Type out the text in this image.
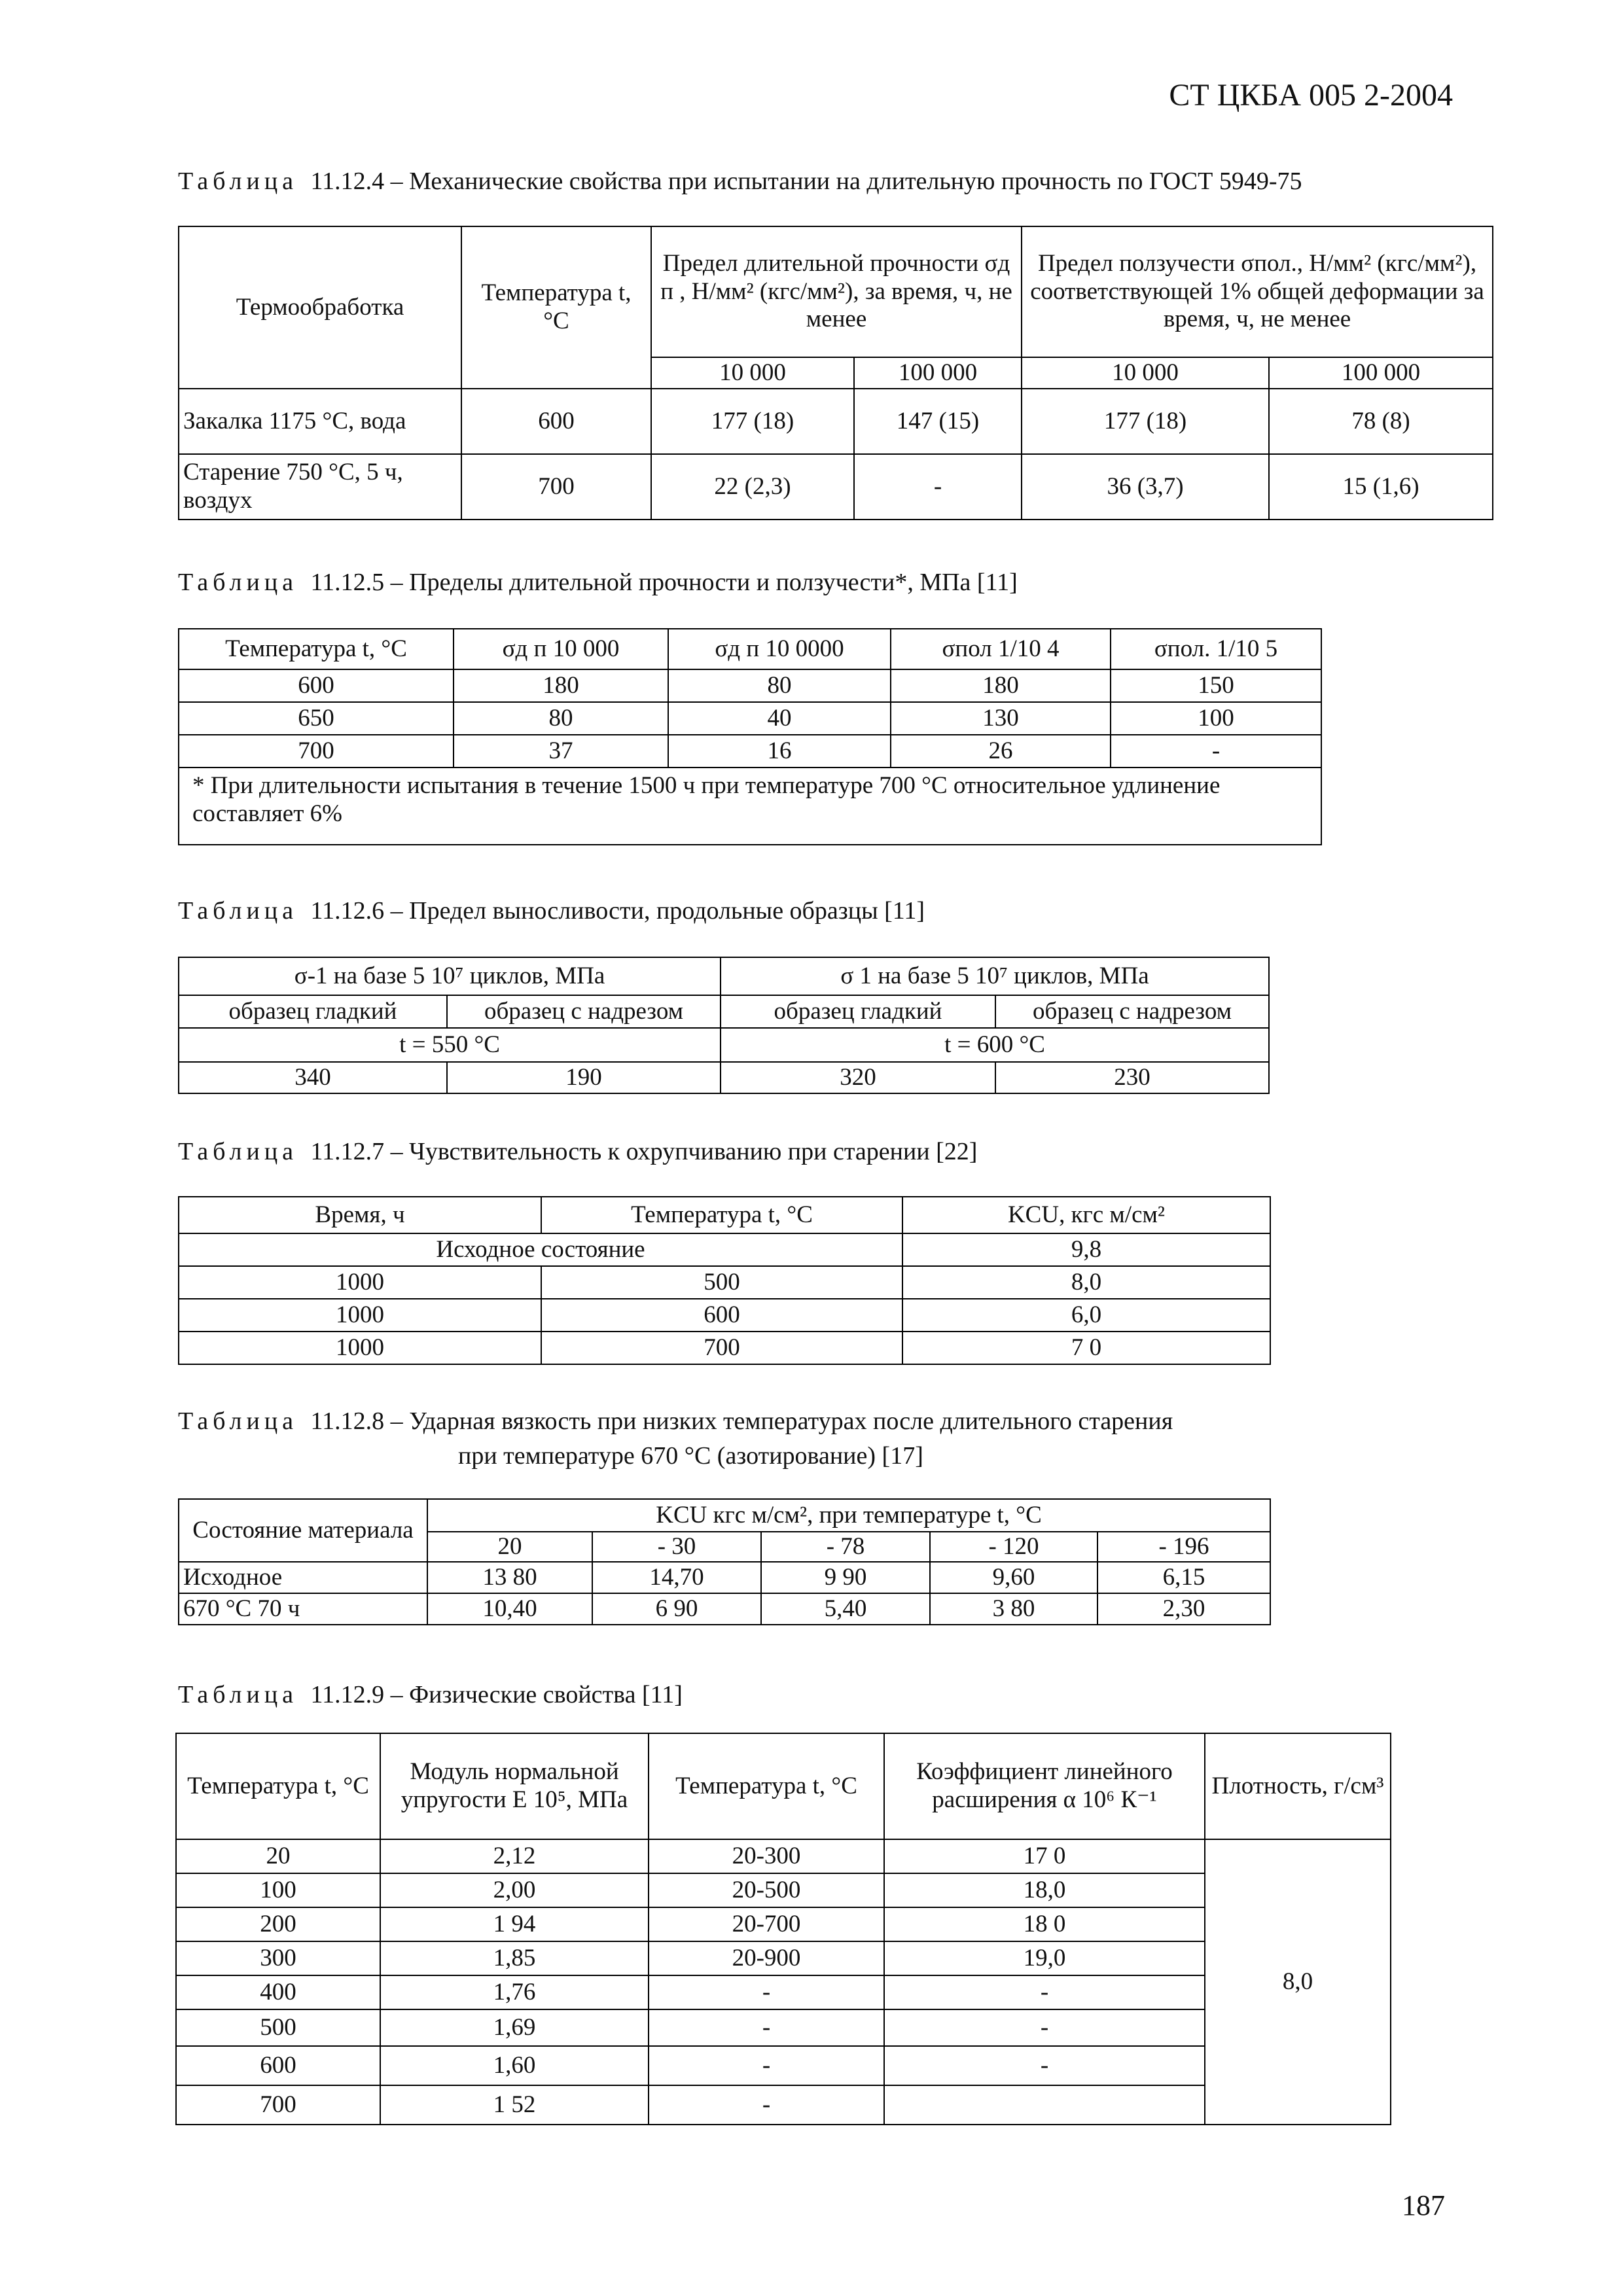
СТ ЦКБА 005 2-2004
Таблица 11.12.4 – Механические свойства при испытании на длительную прочность по ГОСТ 5949-75
Термообработка	Температура t, °С	Предел длительной прочности σд п , Н/мм² (кгс/мм²), за время, ч, не менее		Предел ползучести σпол., Н/мм² (кгс/мм²), соответствующей 1% общей деформации за время, ч, не менее	
		10 000	100 000	10 000	100 000
Закалка 1175 °С, вода	600	177 (18)	147 (15)	177 (18)	78 (8)
Старение 750 °С, 5 ч, воздух	700	22 (2,3)	-	36 (3,7)	15 (1,6)
Таблица 11.12.5 – Пределы длительной прочности и ползучести*, МПа [11]
Температура t, °С	σд п 10 000	σд п 10 0000	σпол 1/10 4	σпол. 1/10 5
600	180	80	180	150
650	80	40	130	100
700	37	16	26	-
* При длительности испытания в течение 1500 ч при температуре 700 °С относительное удлинение составляет 6%				
Таблица 11.12.6 – Предел выносливости, продольные образцы [11]
σ-1 на базе 5 10⁷ циклов, МПа		σ 1 на базе 5 10⁷ циклов, МПа	
образец гладкий	образец с надрезом	образец гладкий	образец с надрезом
t = 550 °С		t = 600 °С	
340	190	320	230
Таблица 11.12.7 – Чувствительность к охрупчиванию при старении [22]
Время, ч	Температура t, °С	KCU, кгс м/см²
Исходное состояние		9,8
1000	500	8,0
1000	600	6,0
1000	700	7 0
Таблица 11.12.8 – Ударная вязкость при низких температурах после длительного старения
при температуре 670 °С (азотирование) [17]
Состояние материала	KCU кгс м/см², при температуре t, °С				
	20	- 30	- 78	- 120	- 196
Исходное	13 80	14,70	9 90	9,60	6,15
670 °С 70 ч	10,40	6 90	5,40	3 80	2,30
Таблица 11.12.9 – Физические свойства [11]
Температура t, °С	Модуль нормальной упругости Е 10⁵, МПа	Температура t, °С	Коэффициент линейного расширения α 10⁶ К⁻¹	Плотность, г/см³
20	2,12	20-300	17 0	8,0
100	2,00	20-500	18,0	
200	1 94	20-700	18 0	
300	1,85	20-900	19,0	
400	1,76	-	-	
500	1,69	-	-	
600	1,60	-	-	
700	1 52	-		
187
